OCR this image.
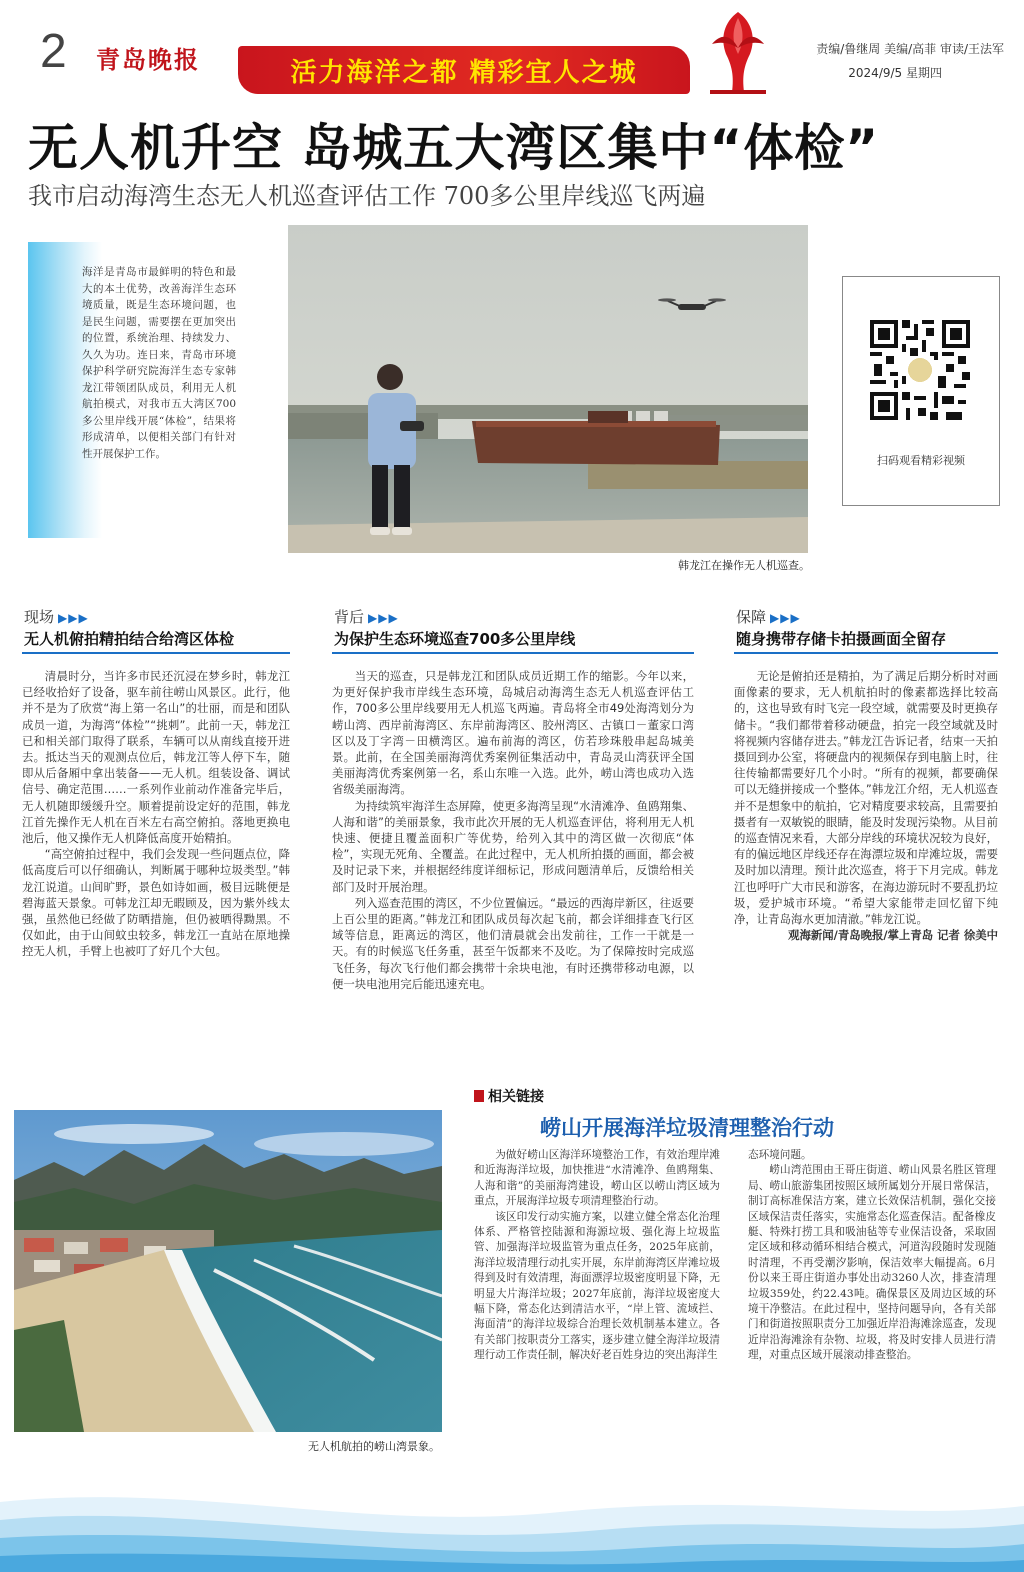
2 青岛晚报	活力海洋之都 精彩宜人之城
责编/鲁继周 美编/高菲 审读/王法军
2024/9/5 星期四
无人机升空 岛城五大湾区集中“体检”
我市启动海湾生态无人机巡查评估工作 700多公里岸线巡飞两遍
海洋是青岛市最鲜明的特色和最大的本土优势，改善海洋生态环境质量，既是生态环境问题，也是民生问题，需要摆在更加突出的位置，系统治理、持续发力、久久为功。连日来，青岛市环境保护科学研究院海洋生态专家韩龙江带领团队成员，利用无人机航拍模式，对我市五大湾区700多公里岸线开展“体检”，结果将形成清单，以便相关部门有针对性开展保护工作。
韩龙江在操作无人机巡查。
扫码观看精彩视频
现场 ▶▶▶
无人机俯拍精拍结合给湾区体检

清晨时分，当许多市民还沉浸在梦乡时，韩龙江已经收拾好了设备，驱车前往崂山风景区。此行，他并不是为了欣赏“海上第一名山”的壮丽，而是和团队成员一道，为海湾“体检”“挑刺”。此前一天，韩龙江已和相关部门取得了联系，车辆可以从南线直接开进去。抵达当天的观测点位后，韩龙江等人停下车，随即从后备厢中拿出装备——无人机。组装设备、调试信号、确定范围……一系列作业前动作准备完毕后，无人机随即缓缓升空。顺着提前设定好的范围，韩龙江首先操作无人机在百米左右高空俯拍。落地更换电池后，他又操作无人机降低高度开始精拍。

“高空俯拍过程中，我们会发现一些问题点位，降低高度后可以仔细确认，判断属于哪种垃圾类型。”韩龙江说道。山间旷野，景色如诗如画，极目远眺便是碧海蓝天景象。可韩龙江却无暇顾及，因为紫外线太强，虽然他已经做了防晒措施，但仍被晒得黝黑。不仅如此，由于山间蚊虫较多，韩龙江一直站在原地操控无人机，手臂上也被叮了好几个大包。

背后 ▶▶▶
为保护生态环境巡查700多公里岸线

当天的巡查，只是韩龙江和团队成员近期工作的缩影。今年以来，为更好保护我市岸线生态环境，岛城启动海湾生态无人机巡查评估工作，700多公里岸线要用无人机巡飞两遍。青岛将全市49处海湾划分为崂山湾、西岸前海湾区、东岸前海湾区、胶州湾区、古镇口－董家口湾区以及丁字湾－田横湾区。遍布前海的湾区，仿若珍珠般串起岛城美景。此前，在全国美丽海湾优秀案例征集活动中，青岛灵山湾获评全国美丽海湾优秀案例第一名，系山东唯一入选。此外，崂山湾也成功入选省级美丽海湾。

为持续筑牢海洋生态屏障，使更多海湾呈现“水清滩净、鱼鸥翔集、人海和谐”的美丽景象，我市此次开展的无人机巡查评估，将利用无人机快速、便捷且覆盖面积广等优势，给列入其中的湾区做一次彻底“体检”，实现无死角、全覆盖。在此过程中，无人机所拍摄的画面，都会被及时记录下来，并根据经纬度详细标记，形成问题清单后，反馈给相关部门及时开展治理。

列入巡查范围的湾区，不少位置偏远。“最远的西海岸新区，往返要上百公里的距离。”韩龙江和团队成员每次起飞前，都会详细排查飞行区域等信息，距离远的湾区，他们清晨就会出发前往，工作一干就是一天。有的时候巡飞任务重，甚至午饭都来不及吃。为了保障按时完成巡飞任务，每次飞行他们都会携带十余块电池，有时还携带移动电源，以便一块电池用完后能迅速充电。

保障 ▶▶▶
随身携带存储卡拍摄画面全留存

无论是俯拍还是精拍，为了满足后期分析时对画面像素的要求，无人机航拍时的像素都选择比较高的，这也导致有时飞完一段空域，就需要及时更换存储卡。“我们都带着移动硬盘，拍完一段空域就及时将视频内容储存进去。”韩龙江告诉记者，结束一天拍摄回到办公室，将硬盘内的视频保存到电脑上时，往往传输都需要好几个小时。“所有的视频，都要确保可以无缝拼接成一个整体。”韩龙江介绍，无人机巡查并不是想象中的航拍，它对精度要求较高，且需要拍摄者有一双敏锐的眼睛，能及时发现污染物。从目前的巡查情况来看，大部分岸线的环境状况较为良好，有的偏远地区岸线还存在海漂垃圾和岸滩垃圾，需要及时加以清理。预计此次巡查，将于下月完成。韩龙江也呼吁广大市民和游客，在海边游玩时不要乱扔垃圾，爱护城市环境。“希望大家能带走回忆留下纯净，让青岛海水更加清澈。”韩龙江说。

观海新闻/青岛晚报/掌上青岛 记者 徐美中

相关链接
崂山开展海洋垃圾清理整治行动
无人机航拍的崂山湾景象。

为做好崂山区海洋环境整治工作，有效治理岸滩和近海海洋垃圾，加快推进“水清滩净、鱼鸥翔集、人海和谐”的美丽海湾建设，崂山区以崂山湾区域为重点，开展海洋垃圾专项清理整治行动。

该区印发行动实施方案，以建立健全常态化治理体系、严格管控陆源和海源垃圾、强化海上垃圾监管、加强海洋垃圾监管为重点任务，2025年底前，海洋垃圾清理行动扎实开展，东岸前海湾区岸滩垃圾得到及时有效清理，海面漂浮垃圾密度明显下降，无明显大片海洋垃圾；2027年底前，海洋垃圾密度大幅下降，常态化达到清洁水平，“岸上管、流域拦、海面清”的海洋垃圾综合治理长效机制基本建立。各有关部门按职责分工落实，逐步建立健全海洋垃圾清理行动工作责任制，解决好老百姓身边的突出海洋生

态环境问题。

崂山湾范围由王哥庄街道、崂山风景名胜区管理局、崂山旅游集团按照区域所属划分开展日常保洁，制订高标准保洁方案，建立长效保洁机制，强化交接区域保洁责任落实，实施常态化巡查保洁。配备橡皮艇、特殊打捞工具和吸油毡等专业保洁设备，采取固定区域和移动循环相结合模式，河道沟段随时发现随时清理，不再受潮汐影响，保洁效率大幅提高。6月份以来王哥庄街道办事处出动3260人次，排查清理垃圾359处，约22.43吨。确保景区及周边区域的环境干净整洁。在此过程中，坚持问题导向，各有关部门和街道按照职责分工加强近岸沿海滩涂巡查，发现近岸沿海滩涂有杂物、垃圾，将及时安排人员进行清理，对重点区域开展滚动排查整治。
